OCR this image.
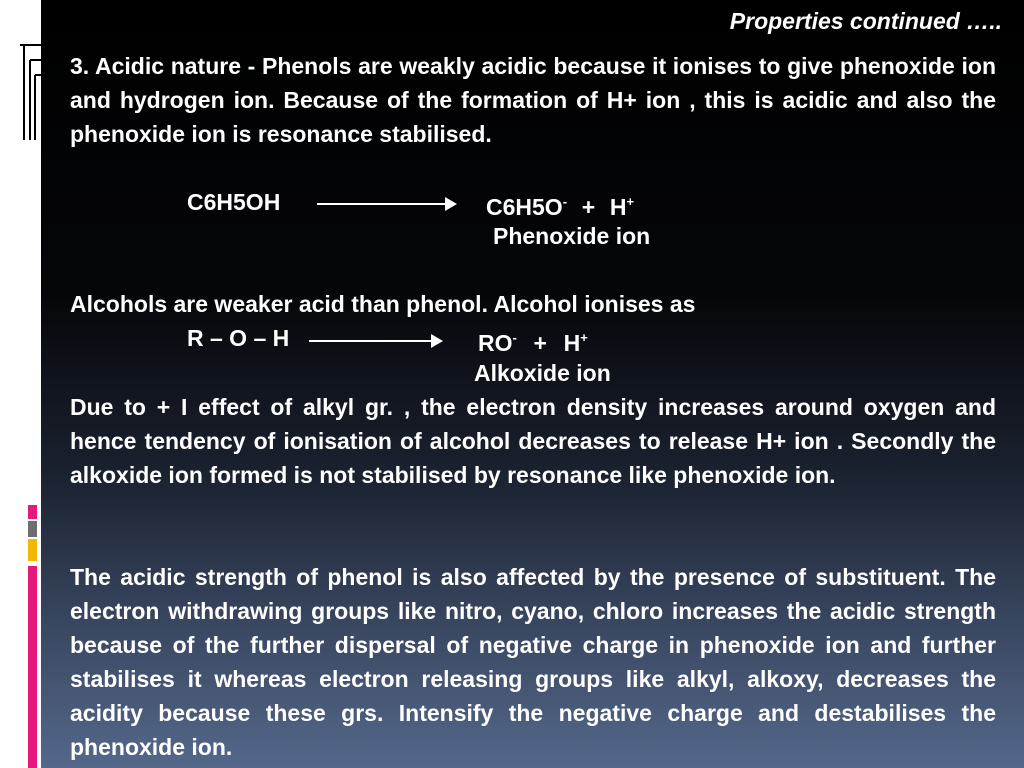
Properties continued …..
3. Acidic nature - Phenols are weakly acidic because it ionises to give phenoxide ion and hydrogen ion. Because of the formation of H+ ion , this is acidic and also the phenoxide ion is resonance stabilised.
C6H5OH	C6H5O- + H+
Phenoxide ion
Alcohols are weaker acid than phenol. Alcohol ionises as
R – O – H	RO- + H+
Alkoxide ion
Due to + I effect of alkyl gr. , the electron density increases around oxygen and hence tendency of ionisation of alcohol decreases to release H+ ion . Secondly the alkoxide ion formed is not stabilised by resonance like phenoxide ion.
The acidic strength of phenol is also affected by the presence of substituent. The electron withdrawing groups like nitro, cyano, chloro increases the acidic strength because of the further dispersal of negative charge in phenoxide ion and further stabilises it whereas electron releasing groups like alkyl, alkoxy, decreases the acidity because these grs. Intensify the negative charge and destabilises the phenoxide ion.
